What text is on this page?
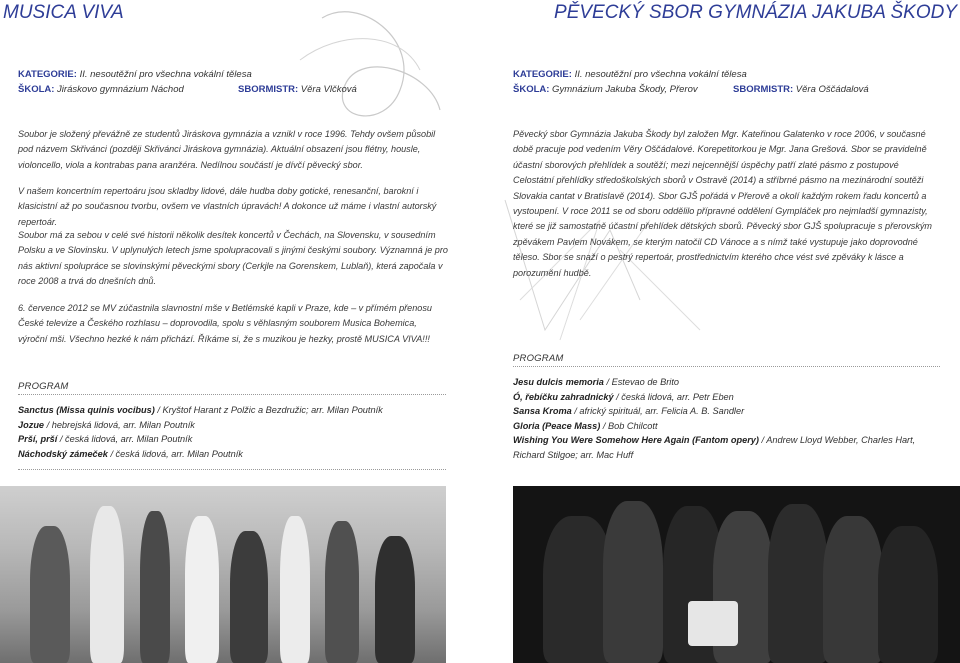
MUSICA VIVA
KATEGORIE: II. nesoutěžní pro všechna vokální tělesa
ŠKOLA: Jiráskovo gymnázium Náchod	SBORMISTR: Věra Vlčková

Soubor je složený převážně ze studentů Jiráskova gymnázia a vznikl v roce 1996. Tehdy ovšem působil pod názvem Skřivánci (později Skřivánci Jiráskova gymnázia). Aktuální obsazení jsou flétny, housle, violoncello, viola a kontrabas pana aranžéra. Nedílnou součástí je dívčí pěvecký sbor.

V našem koncertním repertoáru jsou skladby lidové, dále hudba doby gotické, renesanční, barokní i klasicistní až po současnou tvorbu, ovšem ve vlastních úpravách! A dokonce už máme i vlastní autorský repertoár.

Soubor má za sebou v celé své historii několik desítek koncertů v Čechách, na Slovensku, v sousedním Polsku a ve Slovinsku. V uplynulých letech jsme spolupracovali s jinými českými soubory. Významná je pro nás aktivní spolupráce se slovinskými pěveckými sbory (Cerkjle na Gorenskem, Lublaň), která započala v roce 2008 a trvá do dnešních dnů.

6. července 2012 se MV zúčastnila slavnostní mše v Betlémské kapli v Praze, kde – v přímém přenosu České televize a Českého rozhlasu – doprovodila, spolu s věhlasným souborem Musica Bohemica, výroční mši. Všechno hezké k nám přichází. Říkáme si, že s muzikou je hezky, prostě MUSICA VIVA!!!

PROGRAM
Sanctus (Missa quinis vocibus) / Kryštof Harant z Polžic a Bezdružic; arr. Milan Poutník
Jozue / hebrejská lidová, arr. Milan Poutník
Prší, prší / česká lidová, arr. Milan Poutník
Náchodský zámeček / česká lidová, arr. Milan Poutník
PĚVECKÝ SBOR GYMNÁZIA JAKUBA ŠKODY
KATEGORIE: II. nesoutěžní pro všechna vokální tělesa
ŠKOLA: Gymnázium Jakuba Škody, Přerov	SBORMISTR: Věra Oščádalová

Pěvecký sbor Gymnázia Jakuba Škody byl založen Mgr. Kateřinou Galatenko v roce 2006, v současné době pracuje pod vedením Věry Oščádalové. Korepetitorkou je Mgr. Jana Grešová. Sbor se pravidelně účastní sborových přehlídek a soutěží; mezi nejcennější úspěchy patří zlaté pásmo z postupové Celostátní přehlídky středoškolských sborů v Ostravě (2014) a stříbrné pásmo na mezinárodní soutěži Slovakia cantat v Bratislavě (2014). Sbor GJŠ pořádá v Přerově a okolí každým rokem řadu koncertů a vystoupení. V roce 2011 se od sboru oddělilo přípravné oddělení Gympláček pro nejmladší gymnazisty, které se již samostatně účastní přehlídek dětských sborů. Pěvecký sbor GJŠ spolupracuje s přerovským zpěvákem Pavlem Novákem, se kterým natočil CD Vánoce a s nímž také vystupuje jako doprovodné těleso. Sbor se snaží o pestrý repertoár, prostřednictvím kterého chce vést své zpěváky k lásce a porozumění hudbě.

PROGRAM
Jesu dulcis memoria / Estevao de Brito
Ó, řebíčku zahradnický / česká lidová, arr. Petr Eben
Sansa Kroma / africký spirituál, arr. Felicia A. B. Sandler
Gloria (Peace Mass) / Bob Chilcott
Wishing You Were Somehow Here Again (Fantom opery) / Andrew Lloyd Webber, Charles Hart, Richard Stilgoe; arr. Mac Huff
